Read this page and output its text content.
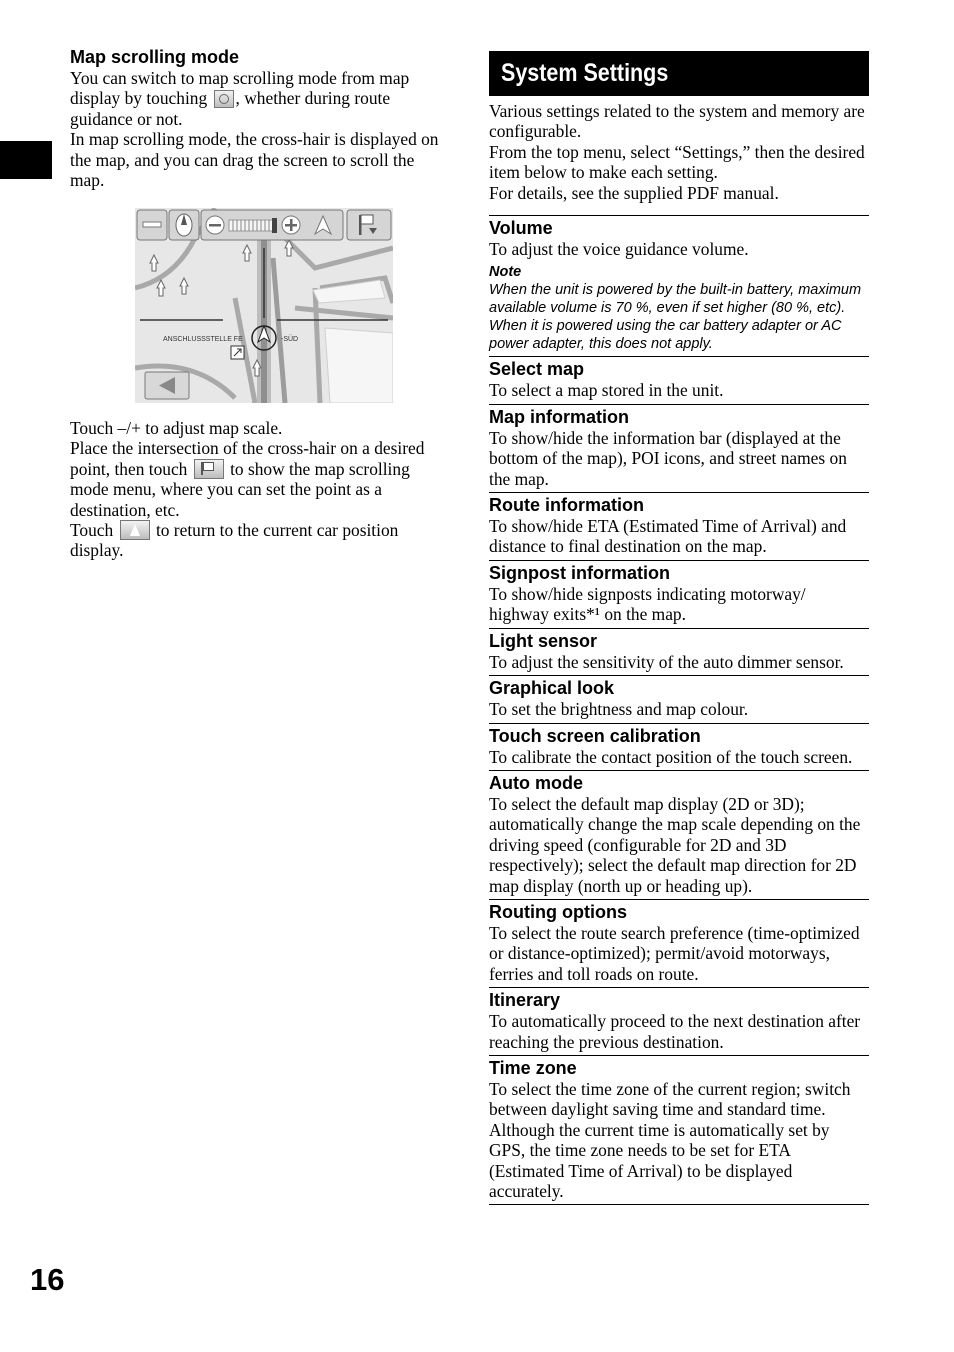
Map scrolling mode
You can switch to map scrolling mode from map display by touching , whether during route guidance or not.
In map scrolling mode, the cross-hair is displayed on the map, and you can drag the screen to scroll the map.
ANSCHLUSSSTELLE FE	-SÜD
Touch –/+ to adjust map scale.
Place the intersection of the cross-hair on a desired point, then touch to show the map scrolling mode menu, where you can set the point as a destination, etc.
Touch to return to the current car position display.
System Settings
Various settings related to the system and memory are configurable.
From the top menu, select “Settings,” then the desired item below to make each setting.
For details, see the supplied PDF manual.
Volume
To adjust the voice guidance volume.
Note
When the unit is powered by the built-in battery, maximum available volume is 70 %, even if set higher (80 %, etc). When it is powered using the car battery adapter or AC power adapter, this does not apply.
Select map
To select a map stored in the unit.
Map information
To show/hide the information bar (displayed at the bottom of the map), POI icons, and street names on the map.
Route information
To show/hide ETA (Estimated Time of Arrival) and distance to final destination on the map.
Signpost information
To show/hide signposts indicating motorway/ highway exits*¹ on the map.
Light sensor
To adjust the sensitivity of the auto dimmer sensor.
Graphical look
To set the brightness and map colour.
Touch screen calibration
To calibrate the contact position of the touch screen.
Auto mode
To select the default map display (2D or 3D); automatically change the map scale depending on the driving speed (configurable for 2D and 3D respectively); select the default map direction for 2D map display (north up or heading up).
Routing options
To select the route search preference (time-optimized or distance-optimized); permit/avoid motorways, ferries and toll roads on route.
Itinerary
To automatically proceed to the next destination after reaching the previous destination.
Time zone
To select the time zone of the current region; switch between daylight saving time and standard time.
Although the current time is automatically set by GPS, the time zone needs to be set for ETA (Estimated Time of Arrival) to be displayed accurately.
16
